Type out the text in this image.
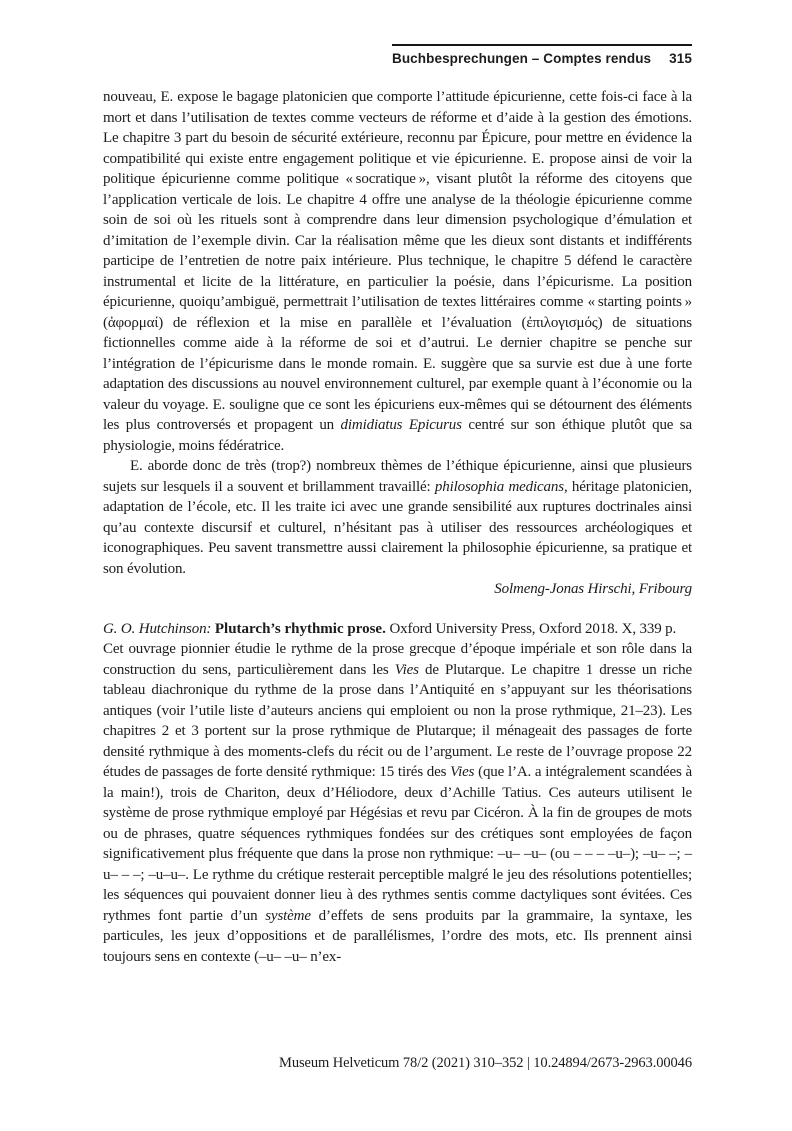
Buchbesprechungen – Comptes rendus 315

nouveau, E. expose le bagage platonicien que comporte l’attitude épicurienne, cette fois-ci face à la mort et dans l’utilisation de textes comme vecteurs de réforme et d’aide à la gestion des émotions. Le chapitre 3 part du besoin de sécurité extérieure, reconnu par Épicure, pour mettre en évidence la compatibilité qui existe entre engagement politique et vie épicurienne. E. propose ainsi de voir la politique épicurienne comme politique « socratique », visant plutôt la réforme des citoyens que l’application verticale de lois. Le chapitre 4 offre une analyse de la théologie épicurienne comme soin de soi où les rituels sont à comprendre dans leur dimension psychologique d’émulation et d’imitation de l’exemple divin. Car la réalisation même que les dieux sont distants et indifférents participe de l’entretien de notre paix intérieure. Plus technique, le chapitre 5 défend le caractère instrumental et licite de la littérature, en particulier la poésie, dans l’épicurisme. La position épicurienne, quoiqu’ambiguë, permettrait l’utilisation de textes littéraires comme « starting points » (ἀφορμαί) de réflexion et la mise en parallèle et l’évaluation (ἐπιλογισμός) de situations fictionnelles comme aide à la réforme de soi et d’autrui. Le dernier chapitre se penche sur l’intégration de l’épicurisme dans le monde romain. E. suggère que sa survie est due à une forte adaptation des discussions au nouvel environnement culturel, par exemple quant à l’économie ou la valeur du voyage. E. souligne que ce sont les épicuriens eux-mêmes qui se détournent des éléments les plus controversés et propagent un dimidiatus Epicurus centré sur son éthique plutôt que sa physiologie, moins fédératrice.

E. aborde donc de très (trop?) nombreux thèmes de l’éthique épicurienne, ainsi que plusieurs sujets sur lesquels il a souvent et brillamment travaillé: philosophia medicans, héritage platonicien, adaptation de l’école, etc. Il les traite ici avec une grande sensibilité aux ruptures doctrinales ainsi qu’au contexte discursif et culturel, n’hésitant pas à utiliser des ressources archéologiques et iconographiques. Peu savent transmettre aussi clairement la philosophie épicurienne, sa pratique et son évolution.

Solmeng-Jonas Hirschi, Fribourg

G. O. Hutchinson: Plutarch’s rhythmic prose. Oxford University Press, Oxford 2018. X, 339 p.

Cet ouvrage pionnier étudie le rythme de la prose grecque d’époque impériale et son rôle dans la construction du sens, particulièrement dans les Vies de Plutarque. Le chapitre 1 dresse un riche tableau diachronique du rythme de la prose dans l’Antiquité en s’appuyant sur les théorisations antiques (voir l’utile liste d’auteurs anciens qui emploient ou non la prose rythmique, 21–23). Les chapitres 2 et 3 portent sur la prose rythmique de Plutarque; il ménageait des passages de forte densité rythmique à des moments-clefs du récit ou de l’argument. Le reste de l’ouvrage propose 22 études de passages de forte densité rythmique: 15 tirés des Vies (que l’A. a intégralement scandées à la main!), trois de Chariton, deux d’Héliodore, deux d’Achille Tatius. Ces auteurs utilisent le système de prose rythmique employé par Hégésias et revu par Cicéron. À la fin de groupes de mots ou de phrases, quatre séquences rythmiques fondées sur des crétiques sont employées de façon significativement plus fréquente que dans la prose non rythmique: –u– –u– (ou – – – –u–); –u– –; –u– – –; –u–u–. Le rythme du crétique resterait perceptible malgré le jeu des résolutions potentielles; les séquences qui pouvaient donner lieu à des rythmes sentis comme dactyliques sont évitées. Ces rythmes font partie d’un système d’effets de sens produits par la grammaire, la syntaxe, les particules, les jeux d’oppositions et de parallélismes, l’ordre des mots, etc. Ils prennent ainsi toujours sens en contexte (–u– –u– n’ex-

Museum Helveticum 78/2 (2021) 310–352 | 10.24894/2673-2963.00046
